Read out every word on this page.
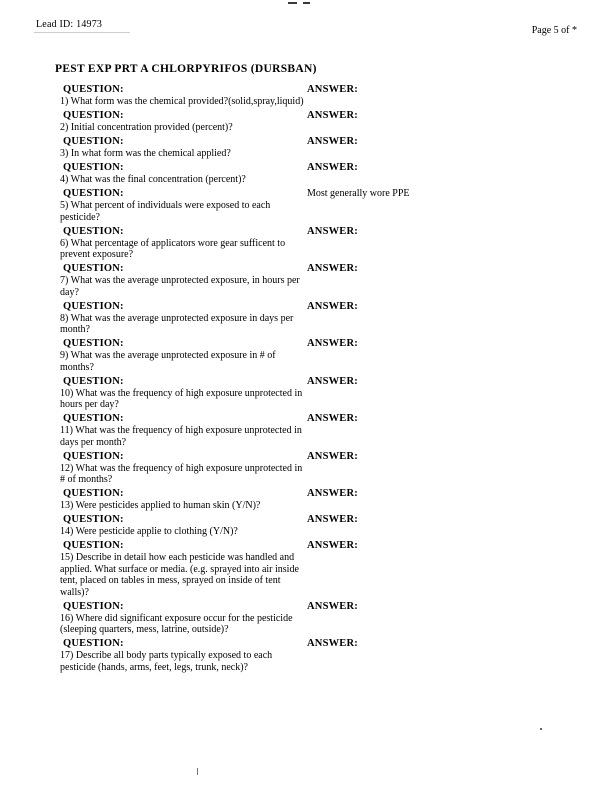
Lead ID: 14973
Page 5 of *
PEST EXP PRT A CHLORPYRIFOS (DURSBAN)
QUESTION:
1) What form was the chemical provided?(solid,spray,liquid)
ANSWER:
QUESTION:
2) Initial concentration provided (percent)?
ANSWER:
QUESTION:
3) In what form was the chemical applied?
ANSWER:
QUESTION:
4) What was the final concentration (percent)?
ANSWER:
QUESTION:
5) What percent of individuals were exposed to each pesticide?
Most generally wore PPE
QUESTION:
6) What percentage of applicators wore gear sufficent to prevent exposure?
ANSWER:
QUESTION:
7) What was the average unprotected exposure, in hours per day?
ANSWER:
QUESTION:
8) What was the average unprotected exposure in days per month?
ANSWER:
QUESTION:
9) What was the average unprotected exposure in # of months?
ANSWER:
QUESTION:
10) What was the frequency of high exposure unprotected in hours per day?
ANSWER:
QUESTION:
11) What was the frequency of high exposure unprotected in days per month?
ANSWER:
QUESTION:
12) What was the frequency of high exposure unprotected in # of months?
ANSWER:
QUESTION:
13) Were pesticides applied to human skin (Y/N)?
ANSWER:
QUESTION:
14) Were pesticide applie to clothing (Y/N)?
ANSWER:
QUESTION:
15) Describe in detail how each pesticide was handled and applied. What surface or media. (e.g. sprayed into air inside tent, placed on tables in mess, sprayed on inside of tent walls)?
ANSWER:
QUESTION:
16) Where did significant exposure occur for the pesticide (sleeping quarters, mess, latrine, outside)?
ANSWER:
QUESTION:
17) Describe all body parts typically exposed to each pesticide (hands, arms, feet, legs, trunk, neck)?
ANSWER:
